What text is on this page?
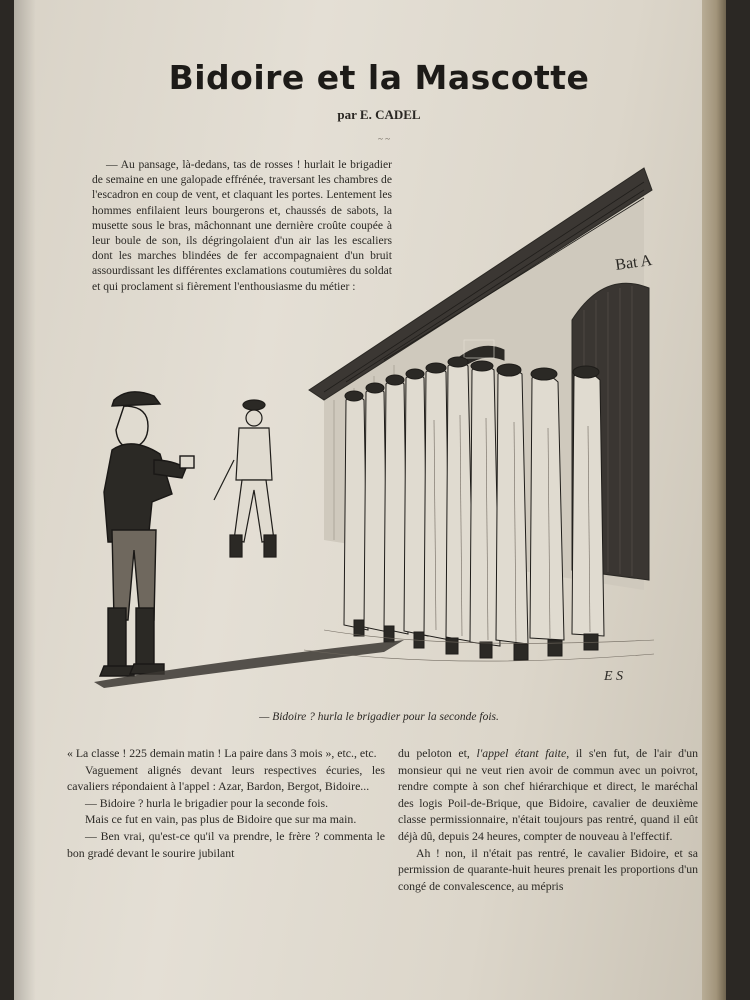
Bidoire et la Mascotte
par E. CADEL
~ ~
Bat A
E S
— Au pansage, là-dedans, tas de rosses ! hurlait le brigadier de semaine en une galopade effrénée, traversant les chambres de l'escadron en coup de vent, et claquant les portes. Lentement les hommes enfilaient leurs bourgerons et, chaussés de sabots, la musette sous le bras, mâchonnant une dernière croûte coupée à leur boule de son, ils dégringolaient d'un air las les escaliers dont les marches blindées de fer accompagnaient d'un bruit assourdissant les différentes exclamations coutumières du soldat et qui proclament si fièrement l'enthousiasme du métier :
— Bidoire ? hurla le brigadier pour la seconde fois.

« La classe ! 225 demain matin ! La paire dans 3 mois », etc., etc.

Vaguement alignés devant leurs respectives écuries, les cavaliers répondaient à l'appel : Azar, Bardon, Bergot, Bidoire...

— Bidoire ? hurla le brigadier pour la seconde fois.

Mais ce fut en vain, pas plus de Bidoire que sur ma main.

— Ben vrai, qu'est-ce qu'il va prendre, le frère ? commenta le bon gradé devant le sourire jubilant

du peloton et, l'appel étant faite, il s'en fut, de l'air d'un monsieur qui ne veut rien avoir de commun avec un poivrot, rendre compte à son chef hiérarchique et direct, le maréchal des logis Poil-de-Brique, que Bidoire, cavalier de deuxième classe permissionnaire, n'était toujours pas rentré, quand il eût déjà dû, depuis 24 heures, compter de nouveau à l'effectif.

Ah ! non, il n'était pas rentré, le cavalier Bidoire, et sa permission de quarante-huit heures prenait les proportions d'un congé de convalescence, au mépris
